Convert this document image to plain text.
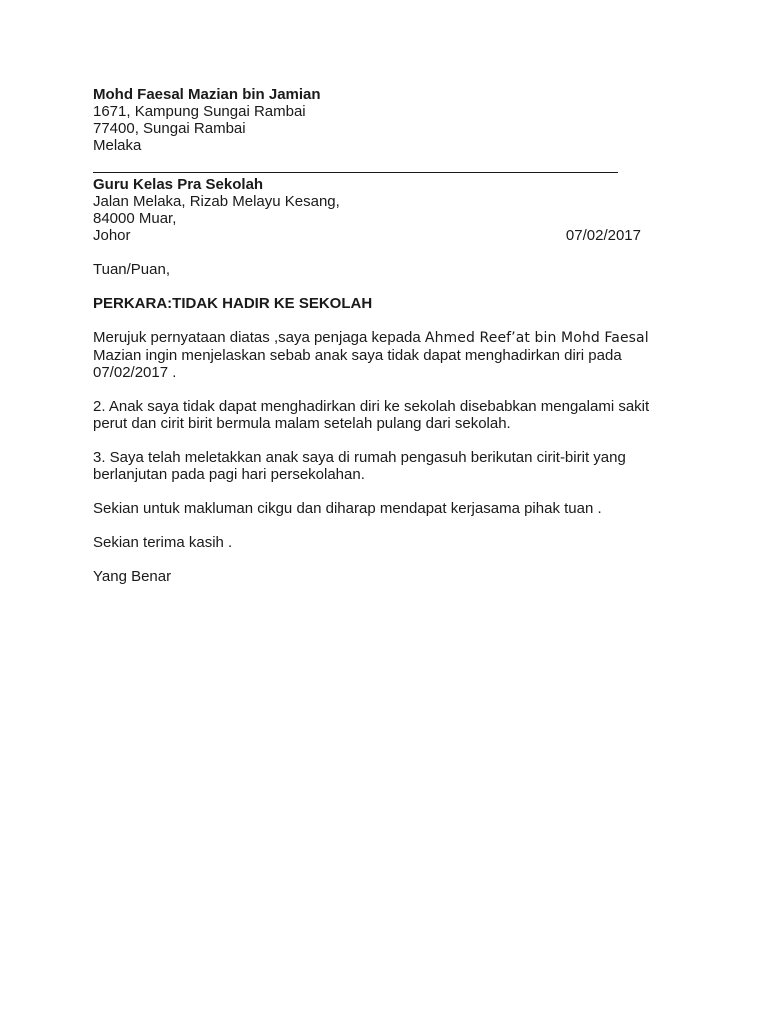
Mohd Faesal Mazian bin Jamian
1671, Kampung Sungai Rambai
77400, Sungai Rambai
Melaka
Guru Kelas Pra Sekolah
Jalan Melaka, Rizab Melayu Kesang,
84000 Muar,
Johor	07/02/2017
Tuan/Puan,
PERKARA:TIDAK HADIR KE SEKOLAH
Merujuk pernyataan diatas ,saya penjaga kepada Ahmed Reef’at bin Mohd Faesal
Mazian ingin menjelaskan sebab anak saya tidak dapat menghadirkan diri pada
07/02/2017 .
2. Anak saya tidak dapat menghadirkan diri ke sekolah disebabkan mengalami sakit
perut dan cirit birit bermula malam setelah pulang dari sekolah.
3. Saya telah meletakkan anak saya di rumah pengasuh berikutan cirit-birit yang
berlanjutan pada pagi hari persekolahan.
Sekian untuk makluman cikgu dan diharap mendapat kerjasama pihak tuan .
Sekian terima kasih .
Yang Benar
